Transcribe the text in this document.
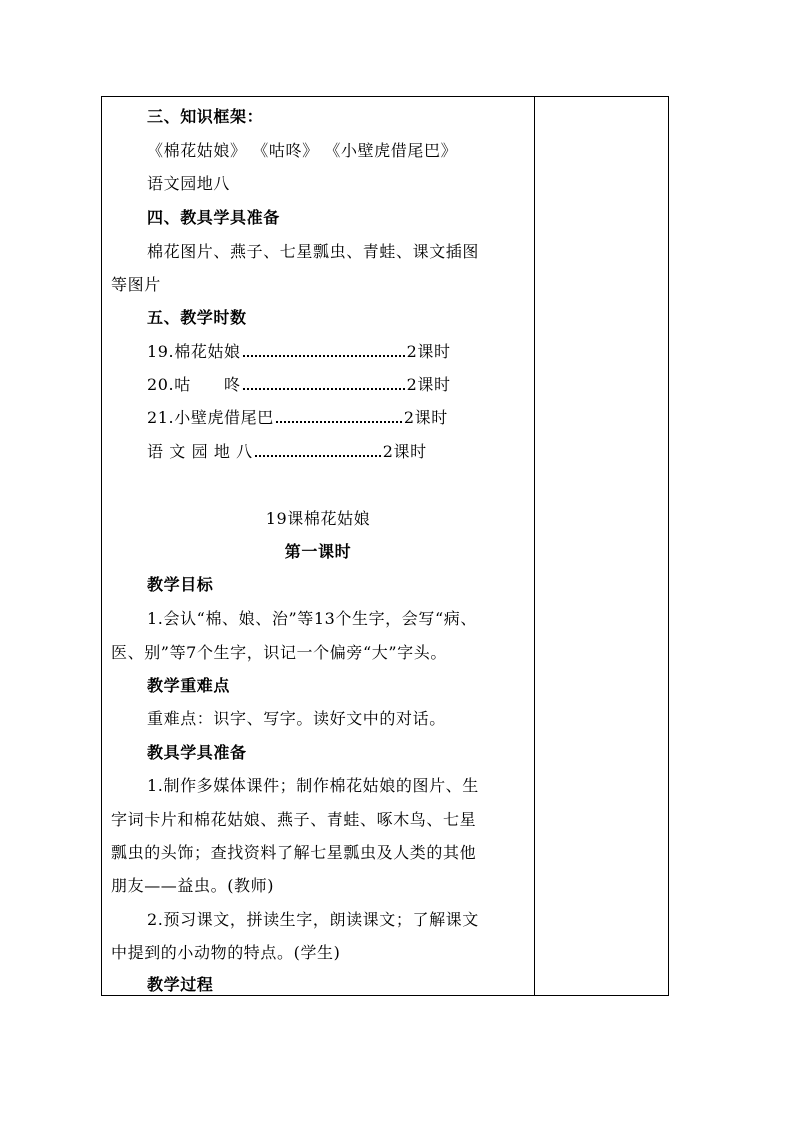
三、知识框架：
《棉花姑娘》 《咕咚》 《小壁虎借尾巴》
语文园地八
四、教具学具准备
棉花图片、燕子、七星瓢虫、青蛙、课文插图
等图片
五、教学时数
19.棉花姑娘	2课时
20.咕　　咚	2课时
21.小壁虎借尾巴	2课时
语 文 园 地 八	2课时
19课棉花姑娘
第一课时
教学目标
1.会认“棉、娘、治”等13个生字，会写“病、
医、别”等7个生字，识记一个偏旁“大”字头。
教学重难点
重难点：识字、写字。读好文中的对话。
教具学具准备
1.制作多媒体课件；制作棉花姑娘的图片、生
字词卡片和棉花姑娘、燕子、青蛙、啄木鸟、七星
瓢虫的头饰；查找资料了解七星瓢虫及人类的其他
朋友——益虫。(教师)
2.预习课文，拼读生字，朗读课文；了解课文
中提到的小动物的特点。(学生)
教学过程
